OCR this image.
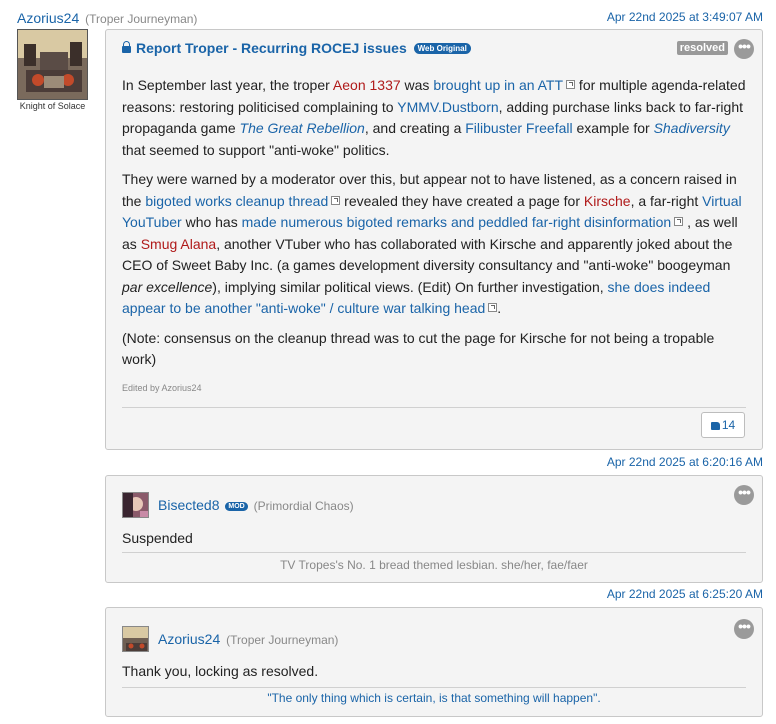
Azorius24 (Troper Journeyman)	Apr 22nd 2025 at 3:49:07 AM
Knight of Solace
Report Troper - Recurring ROCEJ issues Web Original	resolved •••

In September last year, the troper Aeon 1337 was brought up in an ATT for multiple agenda-related reasons: restoring politicised complaining to YMMV.Dustborn, adding purchase links back to far-right propaganda game The Great Rebellion, and creating a Filibuster Freefall example for Shadiversity that seemed to support "anti-woke" politics.

They were warned by a moderator over this, but appear not to have listened, as a concern raised in the bigoted works cleanup thread revealed they have created a page for Kirsche, a far-right Virtual YouTuber who has made numerous bigoted remarks and peddled far-right disinformation , as well as Smug Alana, another VTuber who has collaborated with Kirsche and apparently joked about the CEO of Sweet Baby Inc. (a games development diversity consultancy and "anti-woke" boogeyman par excellence), implying similar political views. (Edit) On further investigation, she does indeed appear to be another "anti-woke" / culture war talking head .

(Note: consensus on the cleanup thread was to cut the page for Kirsche for not being a tropable work)

Edited by Azorius24
14
Apr 22nd 2025 at 6:20:16 AM
•••
Bisected8 MOD (Primordial Chaos)
Suspended
TV Tropes's No. 1 bread themed lesbian. she/her, fae/faer
Apr 22nd 2025 at 6:25:20 AM
•••
Azorius24 (Troper Journeyman)
Thank you, locking as resolved.
"The only thing which is certain, is that something will happen".
